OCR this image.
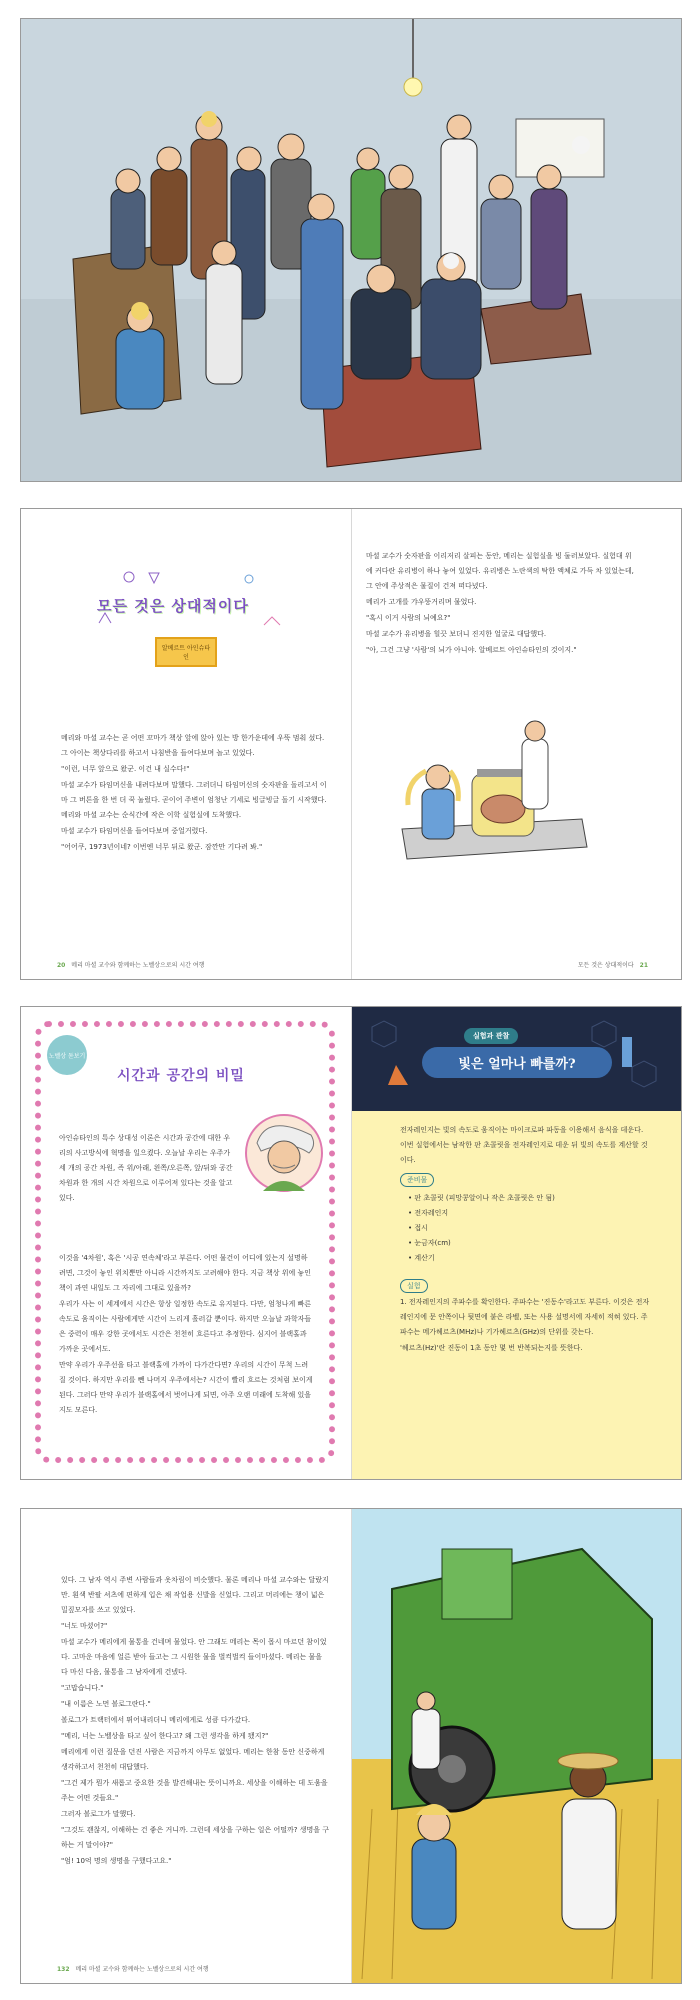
모든 것은 상대적이다
알베르트 아인슈타인

메리와 마셜 교수는 곧 어떤 꼬마가 책상 앞에 앉아 있는 방 한가운데에 우뚝 멈춰 섰다. 그 아이는 책상다리를 하고서 나침반을 들여다보며 놀고 있었다.

"이런, 너무 앞으로 왔군. 이건 내 실수다!"

마셜 교수가 타임머신을 내려다보며 말했다. 그러더니 타임머신의 숫자판을 돌리고서 이마 그 버튼을 한 번 더 꾹 눌렀다. 곧이어 주변이 엄청난 기세로 빙글빙글 돌기 시작했다. 메리와 마셜 교수는 순식간에 작은 이학 실험실에 도착했다.

마셜 교수가 타임머신을 들여다보며 중얼거렸다.

"어어쿠, 1973년이네? 이번엔 너무 뒤로 왔군. 잠깐만 기다려 봐."

20 메리 마셜 교수와 함께하는 노벨상으로의 시간 여행

마셜 교수가 숫자판을 이리저리 살피는 동안, 메리는 실험실을 빙 둘러보았다. 실험대 위에 커다란 유리병이 하나 놓여 있었다. 유리병은 노란색의 탁한 액체로 가득 차 있었는데, 그 안에 주상적은 물질이 건져 떠다녔다.

메리가 고개를 갸우뚱거리며 물었다.

"혹시 이거 사람의 뇌예요?"

마셜 교수가 유리병을 힐끗 보더니 진지한 얼굴로 대답했다.

"아, 그건 그냥 '사람'의 뇌가 아니야. 알베르트 아인슈타인의 것이지."

모든 것은 상대적이다 21
노벨상 돋보기
시간과 공간의 비밀

아인슈타인의 특수 상대성 이론은 시간과 공간에 대한 우리의 사고방식에 혁명을 일으켰다. 오늘날 우리는 우주가 세 개의 공간 차원, 즉 위/아래, 왼쪽/오른쪽, 앞/뒤와 공간 차원과 한 개의 시간 차원으로 이루어져 있다는 것을 알고 있다.

이것을 '4차원', 혹은 '시공 연속체'라고 부른다. 어떤 물건이 어디에 있는지 설명하려면, 그것이 놓인 위치뿐만 아니라 시간까지도 고려해야 한다. 지금 책상 위에 놓인 책이 과연 내일도 그 자리에 그대로 있을까?

우리가 사는 이 세계에서 시간은 항상 일정한 속도로 유지된다. 다만, 엄청나게 빠른 속도로 움직이는 사람에게만 시간이 느리게 흘러갈 뿐이다. 하지만 오늘날 과학자들은 중력이 매우 강한 곳에서도 시간은 천천히 흐른다고 추정한다. 심지어 블랙홀과 가까운 곳에서도.

만약 우리가 우주선을 타고 블랙홀에 가까이 다가간다면? 우리의 시간이 무척 느려질 것이다. 하지만 우리를 뺀 나머지 우주에서는? 시간이 빨리 흐르는 것처럼 보이게 된다. 그러다 만약 우리가 블랙홀에서 벗어나게 되면, 아주 오랜 미래에 도착해 있을지도 모른다.

실험과 관찰
빛은 얼마나 빠를까?
전자레인지는 빛의 속도로 움직이는 마이크로파 파동을 이용해서 음식을 데운다. 이번 실험에서는 남작한 판 초콜릿을 전자레인지로 데운 뒤 빛의 속도를 계산할 것이다.
준비물
• 판 초콜릿 (피망콩알이나 작은 초콜릿은 안 됨)
• 전자레인지
• 접시
• 눈금자(cm)
• 계산기
실험

1. 전자레인지의 주파수를 확인한다. 주파수는 '진동수'라고도 부른다. 이것은 전자레인지에 문 안쪽이나 뒷면에 붙은 라벨, 또는 사용 설명서에 자세히 적혀 있다. 주파수는 메가헤르츠(MHz)나 기가헤르츠(GHz)의 단위를 갖는다.

'헤르츠(Hz)'란 진동이 1초 동안 몇 번 반복되는지를 뜻한다.

있다. 그 남자 역시 주변 사람들과 옷차림이 비슷했다. 물론 메리나 마셜 교수와는 달랐지만. 흰색 반팔 셔츠에 편하게 입은 채 작업용 신발을 신었다. 그리고 머리에는 챙이 넓은 밀짚모자를 쓰고 있었다.

"너도 마셨어?"

마셜 교수가 메리에게 물통을 건네며 물었다. 안 그래도 메리는 목이 몹시 마르던 참이었다. 고마운 마음에 얼른 받아 들고는 그 시원한 물을 벌컥벌컥 들이마셨다. 메리는 물을 다 마신 다음, 물통을 그 남자에게 건넸다.

"고맙습니다."

"내 이름은 노먼 볼로그란다."

볼로그가 트랙터에서 뛰어내리더니 메리에게로 성큼 다가갔다.

"메리, 너는 노벨상을 타고 싶어 한다고? 왜 그런 생각을 하게 됐지?"

메리에게 이런 질문을 던진 사람은 지금까지 아무도 없었다. 메리는 한참 동안 신중하게 생각하고서 천천히 대답했다.

"그건 제가 뭔가 새롭고 중요한 것을 발견해내는 뜻이니까요. 세상을 이해하는 데 도움을 주는 어떤 것들요."

그러자 볼로그가 말했다.

"그것도 괜찮지, 이해하는 건 좋은 거니까. 그런데 세상을 구하는 일은 어떨까? 생명을 구하는 거 말이야?"

"엄! 10억 명의 생명을 구했다고요."

132 메리 마셜 교수와 함께하는 노벨상으로의 시간 여행
